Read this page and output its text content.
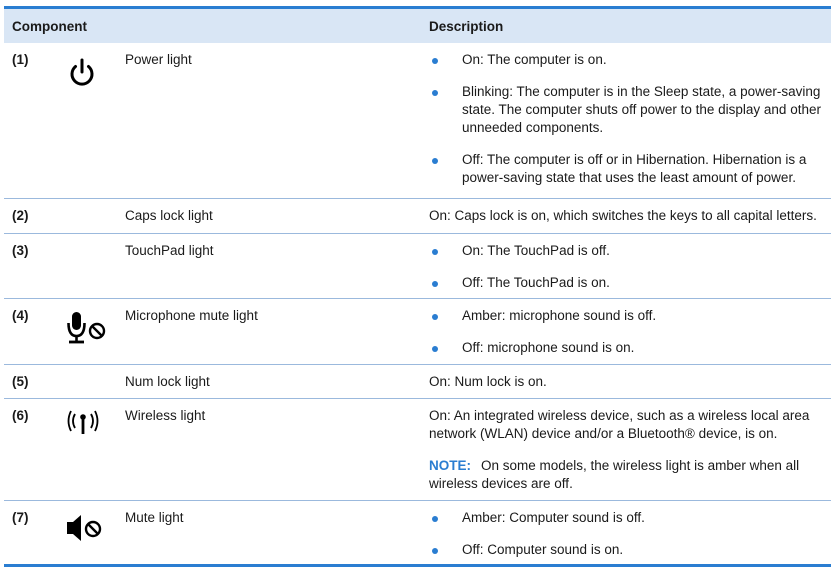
Component	Description
(1)	Power light	On: The computer is on.
Blinking: The computer is in the Sleep state, a power-saving state. The computer shuts off power to the display and other unneeded components.
Off: The computer is off or in Hibernation. Hibernation is a power-saving state that uses the least amount of power.
(2)	Caps lock light	On: Caps lock is on, which switches the keys to all capital letters.
(3)	TouchPad light	On: The TouchPad is off.
Off: The TouchPad is on.
(4)	Microphone mute light	Amber: microphone sound is off.
Off: microphone sound is on.
(5)	Num lock light	On: Num lock is on.
(6)	Wireless light	On: An integrated wireless device, such as a wireless local area network (WLAN) device and/or a Bluetooth® device, is on.
NOTE: On some models, the wireless light is amber when all wireless devices are off.
(7)	Mute light	Amber: Computer sound is off.
Off: Computer sound is on.
